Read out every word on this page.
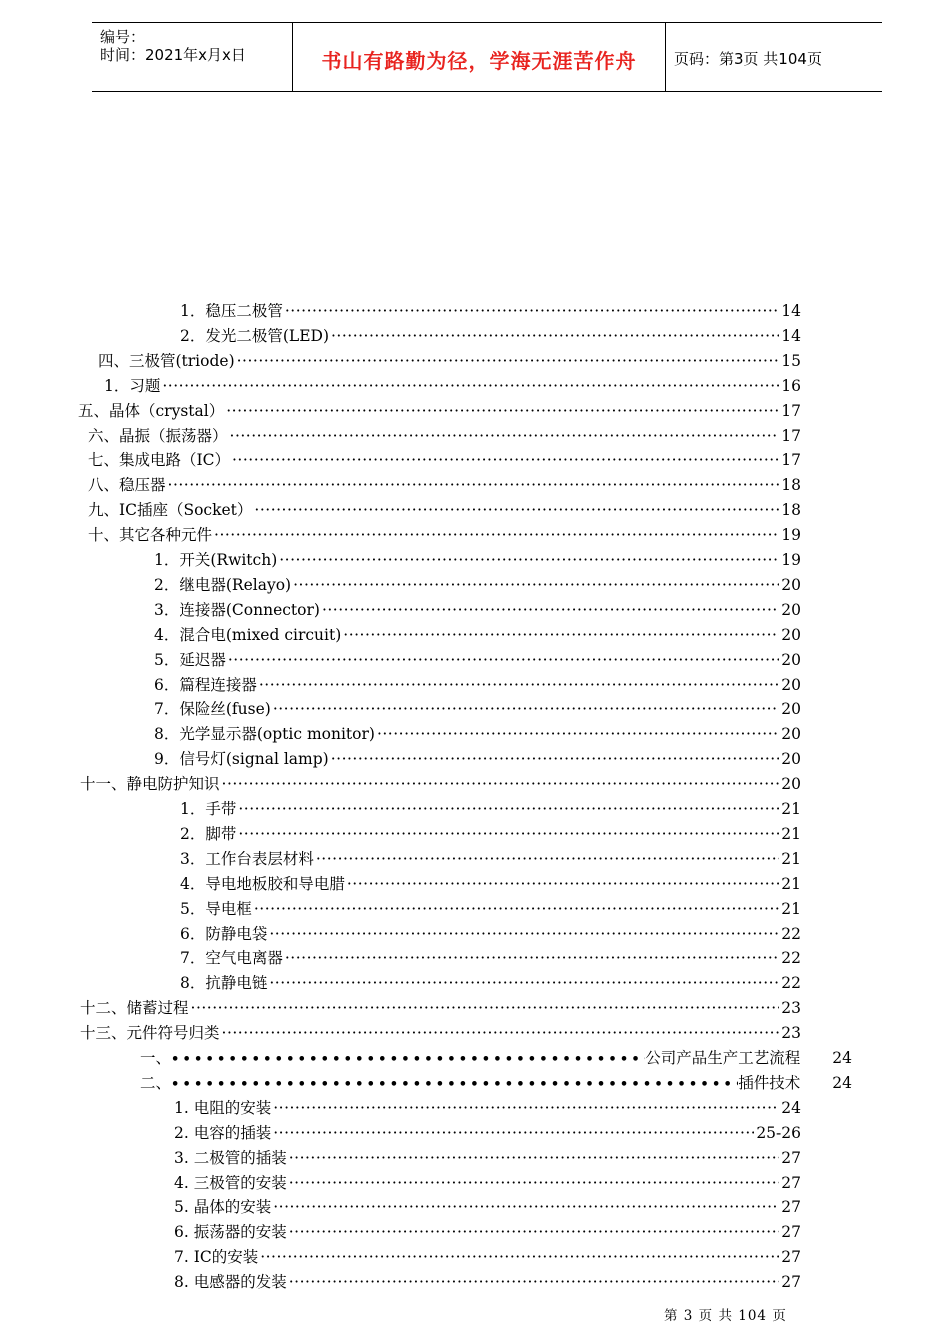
编号：
时间：2021年x月x日	书山有路勤为径，学海无涯苦作舟	页码：第3页 共104页
1．稳压二极管 ·····	14
2．发光二极管(LED) ·····	14
四、三极管(triode) ·····	15
1．习题 ·····	16
五、晶体（crystal） ·····	17
六、晶振（振荡器） ·····	17
七、集成电路（IC） ·····	17
八、稳压器 ·····	18
九、IC插座（Socket） ·····	18
十、其它各种元件 ·····	19
1．开关(Rwitch) ·····	19
2．继电器(Relayo) ·····	20
3．连接器(Connector) ·····	20
4．混合电(mixed circuit) ·····	20
5．延迟器 ·····	20
6．篇程连接器 ·····	20
7．保险丝(fuse) ·····	20
8．光学显示器(optic monitor) ·····	20
9．信号灯(signal lamp) ·····	20
十一、静电防护知识 ·····	20
1．手带 ·····	21
2．脚带 ·····	21
3．工作台表层材料 ·····	21
4．导电地板胶和导电腊 ·····	21
5．导电框 ·····	21
6．防静电袋 ·····	22
7．空气电离器 ·····	22
8．抗静电链 ·····	22
十二、储蓄过程 ·····	23
十三、元件符号归类 ·····	23
一、 •••••	公司产品生产工艺流程 24
二、 •••••	插件技术 24
1. 电阻的安装 ·····	24
2. 电容的插装 ·····	25-26
3. 二极管的插装 ·····	27
4. 三极管的安装 ·····	27
5. 晶体的安装 ·····	27
6. 振荡器的安装 ·····	27
7. IC的安装 ·····	27
8. 电感器的发装 ·····	27
第 3 页 共 104 页
